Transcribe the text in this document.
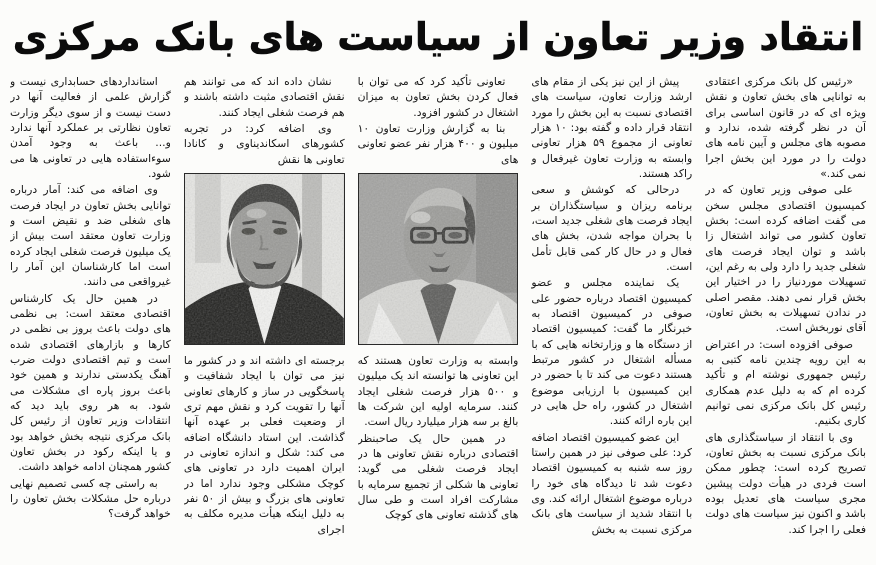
انتقاد وزیر تعاون از سیاست های بانک مرکزی

«رئیس کل بانک مرکزی اعتقادی به توانایی های بخش تعاون و نقش ویژه ای که در قانون اساسی برای آن در نظر گرفته شده، ندارد و مصوبه های مجلس و آیین نامه های دولت را در مورد این بخش اجرا نمی کند.»

علی صوفی وزیر تعاون که در کمیسیون اقتصادی مجلس سخن می گفت اضافه کرده است: بخش تعاون کشور می تواند اشتغال زا باشد و توان ایجاد فرصت های شغلی جدید را دارد ولی به رغم این، تسهیلات موردنیاز را در اختیار این بخش قرار نمی دهند. مقصر اصلی در ندادن تسهیلات به بخش تعاون، آقای نوربخش است.

صوفی افزوده است: در اعتراض به این رویه چندین نامه کتبی به رئیس جمهوری نوشته ام و تأکید کرده ام که به دلیل عدم همکاری رئیس کل بانک مرکزی نمی توانیم کاری بکنیم.

وی با انتقاد از سیاستگذاری های بانک مرکزی نسبت به بخش تعاون، تصریح کرده است: چطور ممکن است فردی در هیأت دولت پیشین مجری سیاست های تعدیل بوده باشد و اکنون نیز سیاست های دولت فعلی را اجرا کند.

پیش از این نیز یکی از مقام های ارشد وزارت تعاون، سیاست های اقتصادی نسبت به این بخش را مورد انتقاد قرار داده و گفته بود: ۱۰ هزار تعاونی از مجموع ۵۹ هزار تعاونی وابسته به وزارت تعاون غیرفعال و راکد هستند.

درحالی که کوشش و سعی برنامه ریزان و سیاستگذاران بر ایجاد فرصت های شغلی جدید است، با بحران مواجه شدن، بخش های فعال و در حال کار کمی قابل تأمل است.

یک نماینده مجلس و عضو کمیسیون اقتصاد درباره حضور علی صوفی در کمیسیون اقتصاد به خبرنگار ما گفت: کمیسیون اقتصاد از دستگاه ها و وزارتخانه هایی که با مسأله اشتغال در کشور مرتبط هستند دعوت می کند تا با حضور در این کمیسیون با ارزیابی موضوع اشتغال در کشور، راه حل هایی در این باره ارائه کنند.

این عضو کمیسیون اقتصاد اضافه کرد: علی صوفی نیز در همین راستا روز سه شنبه به کمیسیون اقتصاد دعوت شد تا دیدگاه های خود را درباره موضوع اشتغال ارائه کند. وی با انتقاد شدید از سیاست های بانک مرکزی نسبت به بخش

تعاونی تأکید کرد که می توان با فعال کردن بخش تعاون به میزان اشتغال در کشور افزود.

بنا به گزارش وزارت تعاون ۱۰ میلیون و ۴۰۰ هزار نفر عضو تعاونی های

وابسته به وزارت تعاون هستند که این تعاونی ها توانسته اند یک میلیون و ۵۰۰ هزار فرصت شغلی ایجاد کنند. سرمایه اولیه این شرکت ها بالغ بر سه هزار میلیارد ریال است.

در همین حال یک صاحبنظر اقتصادی درباره نقش تعاونی ها در ایجاد فرصت شغلی می گوید: تعاونی ها شکلی از تجمیع سرمایه با مشارکت افراد است و طی سال های گذشته تعاونی های کوچک

نشان داده اند که می توانند هم نقش اقتصادی مثبت داشته باشند و هم فرصت شغلی ایجاد کنند.

وی اضافه کرد: در تجربه کشورهای اسکاندیناوی و کانادا تعاونی ها نقش

برجسته ای داشته اند و در کشور ما نیز می توان با ایجاد شفافیت و پاسخگویی در ساز و کارهای تعاونی آنها را تقویت کرد و نقش مهم تری از وضعیت فعلی بر عهده آنها گذاشت. این استاد دانشگاه اضافه می کند: شکل و اندازه تعاونی در ایران اهمیت دارد در تعاونی های کوچک مشکلی وجود ندارد اما در تعاونی های بزرگ و بیش از ۵۰ نفر به دلیل اینکه هیأت مدیره مکلف به اجرای

استانداردهای حسابداری نیست و گزارش علمی از فعالیت آنها در دست نیست و از سوی دیگر وزارت تعاون نظارتی بر عملکرد آنها ندارد و... باعث به وجود آمدن سوءاستفاده هایی در تعاونی ها می شود.

وی اضافه می کند: آمار درباره توانایی بخش تعاون در ایجاد فرصت های شغلی ضد و نقیض است و وزارت تعاون معتقد است بیش از یک میلیون فرصت شغلی ایجاد کرده است اما کارشناسان این آمار را غیرواقعی می دانند.

در همین حال یک کارشناس اقتصادی معتقد است: بی نظمی های دولت باعث بروز بی نظمی در کارها و بازارهای اقتصادی شده است و تیم اقتصادی دولت ضرب آهنگ یکدستی ندارند و همین خود باعث بروز پاره ای مشکلات می شود. به هر روی باید دید که انتقادات وزیر تعاون از رئیس کل بانک مرکزی نتیجه بخش خواهد بود و یا اینکه رکود در بخش تعاون کشور همچنان ادامه خواهد داشت.

به راستی چه کسی تصمیم نهایی درباره حل مشکلات بخش تعاون را خواهد گرفت؟
